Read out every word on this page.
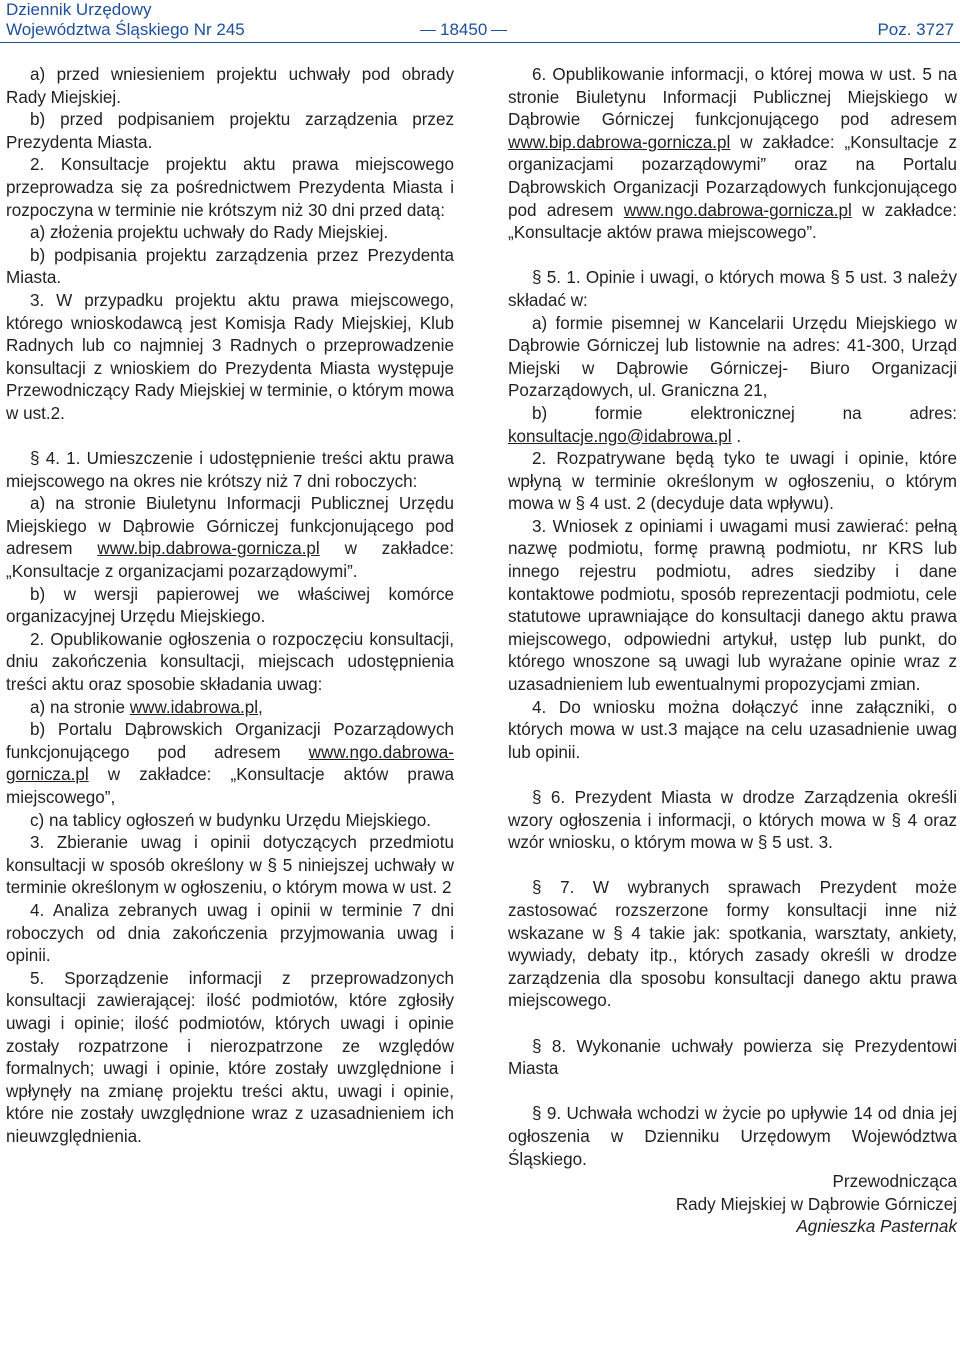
Dziennik Urzędowy
Województwa Śląskiego Nr 245	18450	Poz. 3727

a) przed wniesieniem projektu uchwały pod obrady Rady Miejskiej.

b) przed podpisaniem projektu zarządzenia przez Prezydenta Miasta.

2. Konsultacje projektu aktu prawa miejscowego przeprowadza się za pośrednictwem Prezydenta Miasta i rozpoczyna w terminie nie krótszym niż 30 dni przed datą:

a) złożenia projektu uchwały do Rady Miejskiej.

b) podpisania projektu zarządzenia przez Prezydenta Miasta.

3. W przypadku projektu aktu prawa miejscowego, którego wnioskodawcą jest Komisja Rady Miejskiej, Klub Radnych lub co najmniej 3 Radnych o przeprowadzenie konsultacji z wnioskiem do Prezydenta Miasta występuje Przewodniczący Rady Miejskiej w terminie, o którym mowa w ust.2.

§ 4. 1. Umieszczenie i udostępnienie treści aktu prawa miejscowego na okres nie krótszy niż 7 dni roboczych:

a) na stronie Biuletynu Informacji Publicznej Urzędu Miejskiego w Dąbrowie Górniczej funkcjonującego pod adresem www.bip.dabrowa-gornicza.pl w zakładce: „Konsultacje z organizacjami pozarządowymi”.

b) w wersji papierowej we właściwej komórce organizacyjnej Urzędu Miejskiego.

2. Opublikowanie ogłoszenia o rozpoczęciu konsultacji, dniu zakończenia konsultacji, miejscach udostępnienia treści aktu oraz sposobie składania uwag:

a) na stronie www.idabrowa.pl,

b) Portalu Dąbrowskich Organizacji Pozarządowych funkcjonującego pod adresem www.ngo.dabrowa-gornicza.pl w zakładce: „Konsultacje aktów prawa miejscowego”,

c) na tablicy ogłoszeń w budynku Urzędu Miejskiego.

3. Zbieranie uwag i opinii dotyczących przedmiotu konsultacji w sposób określony w § 5 niniejszej uchwały w terminie określonym w ogłoszeniu, o którym mowa w ust. 2

4. Analiza zebranych uwag i opinii w terminie 7 dni roboczych od dnia zakończenia przyjmowania uwag i opinii.

5. Sporządzenie informacji z przeprowadzonych konsultacji zawierającej: ilość podmiotów, które zgłosiły uwagi i opinie; ilość podmiotów, których uwagi i opinie zostały rozpatrzone i nierozpatrzone ze względów formalnych; uwagi i opinie, które zostały uwzględnione i wpłynęły na zmianę projektu treści aktu, uwagi i opinie, które nie zostały uwzględnione wraz z uzasadnieniem ich nieuwzględnienia.

6. Opublikowanie informacji, o której mowa w ust. 5 na stronie Biuletynu Informacji Publicznej Miejskiego w Dąbrowie Górniczej funkcjonującego pod adresem www.bip.dabrowa-gornicza.pl w zakładce: „Konsultacje z organizacjami pozarządowymi” oraz na Portalu Dąbrowskich Organizacji Pozarządowych funkcjonującego pod adresem www.ngo.dabrowa-gornicza.pl w zakładce: „Konsultacje aktów prawa miejscowego”.

§ 5. 1. Opinie i uwagi, o których mowa § 5 ust. 3 należy składać w:

a) formie pisemnej w Kancelarii Urzędu Miejskiego w Dąbrowie Górniczej lub listownie na adres: 41-300, Urząd Miejski w Dąbrowie Górniczej- Biuro Organizacji Pozarządowych, ul. Graniczna 21,

b) formie elektronicznej na adres: konsultacje.ngo@idabrowa.pl .

2. Rozpatrywane będą tyko te uwagi i opinie, które wpłyną w terminie określonym w ogłoszeniu, o którym mowa w § 4 ust. 2 (decyduje data wpływu).

3. Wniosek z opiniami i uwagami musi zawierać: pełną nazwę podmiotu, formę prawną podmiotu, nr KRS lub innego rejestru podmiotu, adres siedziby i dane kontaktowe podmiotu, sposób reprezentacji podmiotu, cele statutowe uprawniające do konsultacji danego aktu prawa miejscowego, odpowiedni artykuł, ustęp lub punkt, do którego wnoszone są uwagi lub wyrażane opinie wraz z uzasadnieniem lub ewentualnymi propozycjami zmian.

4. Do wniosku można dołączyć inne załączniki, o których mowa w ust.3 mające na celu uzasadnienie uwag lub opinii.

§ 6. Prezydent Miasta w drodze Zarządzenia określi wzory ogłoszenia i informacji, o których mowa w § 4 oraz wzór wniosku, o którym mowa w § 5 ust. 3.

§ 7. W wybranych sprawach Prezydent może zastosować rozszerzone formy konsultacji inne niż wskazane w § 4 takie jak: spotkania, warsztaty, ankiety, wywiady, debaty itp., których zasady określi w drodze zarządzenia dla sposobu konsultacji danego aktu prawa miejscowego.

§ 8. Wykonanie uchwały powierza się Prezydentowi Miasta

§ 9. Uchwała wchodzi w życie po upływie 14 od dnia jej ogłoszenia w Dzienniku Urzędowym Województwa Śląskiego.

Przewodnicząca

Rady Miejskiej w Dąbrowie Górniczej

Agnieszka Pasternak
